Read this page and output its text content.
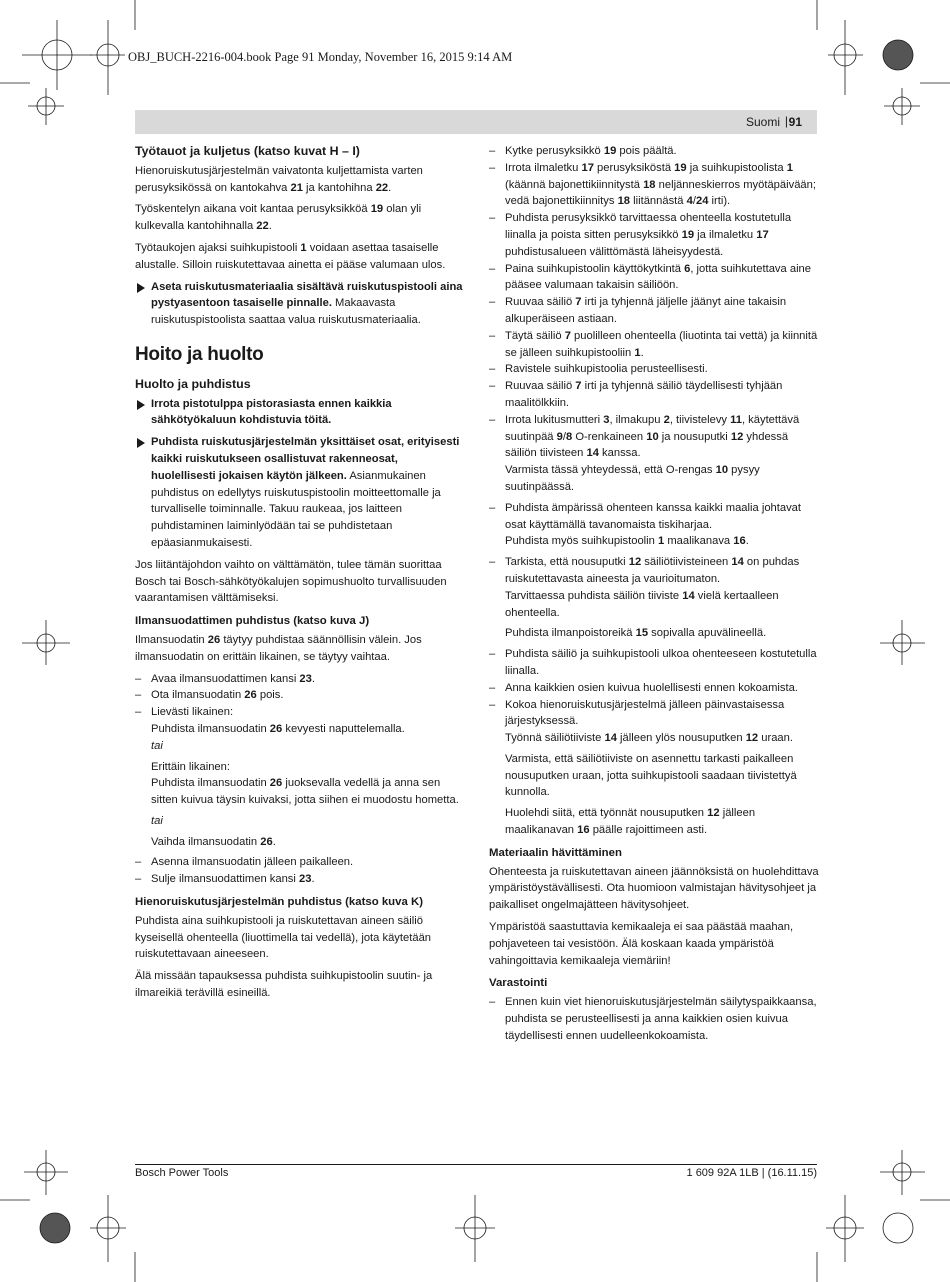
OBJ_BUCH-2216-004.book Page 91 Monday, November 16, 2015 9:14 AM
Suomi | 91
Työtauot ja kuljetus (katso kuvat H – I)

Hienoruiskutusjärjestelmän vaivatonta kuljettamista varten perusyksikössä on kantokahva 21 ja kantohihna 22.

Työskentelyn aikana voit kantaa perusyksikköä 19 olan yli kulkevalla kantohihnalla 22.

Työtaukojen ajaksi suihkupistooli 1 voidaan asettaa tasaiselle alustalle. Silloin ruiskutettavaa ainetta ei pääse valumaan ulos.

Aseta ruiskutusmateriaalia sisältävä ruiskutuspistooli aina pystyasentoon tasaiselle pinnalle. Makaavasta ruiskutuspistoolista saattaa valua ruiskutusmateriaalia.
Hoito ja huolto
Huolto ja puhdistus
Irrota pistotulppa pistorasiasta ennen kaikkia sähkötyökaluun kohdistuvia töitä.
Puhdista ruiskutusjärjestelmän yksittäiset osat, erityisesti kaikki ruiskutukseen osallistuvat rakenneosat, huolellisesti jokaisen käytön jälkeen. Asianmukainen puhdistus on edellytys ruiskutuspistoolin moitteettomalle ja turvalliselle toiminnalle. Takuu raukeaa, jos laitteen puhdistaminen laiminlyödään tai se puhdistetaan epäasianmukaisesti.

Jos liitäntäjohdon vaihto on välttämätön, tulee tämän suorittaa Bosch tai Bosch-sähkötyökalujen sopimushuolto turvallisuuden vaarantamisen välttämiseksi.

Ilmansuodattimen puhdistus (katso kuva J)

Ilmansuodatin 26 täytyy puhdistaa säännöllisin välein. Jos ilmansuodatin on erittäin likainen, se täytyy vaihtaa.

– Avaa ilmansuodattimen kansi 23.
– Ota ilmansuodatin 26 pois.
– Lievästi likainen:

Puhdista ilmansuodatin 26 kevyesti naputtelemalla.

tai

Erittäin likainen:

Puhdista ilmansuodatin 26 juoksevalla vedellä ja anna sen sitten kuivua täysin kuivaksi, jotta siihen ei muodostu hometta.

tai

Vaihda ilmansuodatin 26.

– Asenna ilmansuodatin jälleen paikalleen.
– Sulje ilmansuodattimen kansi 23.
Hienoruiskutusjärjestelmän puhdistus (katso kuva K)

Puhdista aina suihkupistooli ja ruiskutettavan aineen säiliö kyseisellä ohenteella (liuottimella tai vedellä), jota käytetään ruiskutettavaan aineeseen.

Älä missään tapauksessa puhdista suihkupistoolin suutin- ja ilmareikiä terävillä esineillä.

– Kytke perusyksikkö 19 pois päältä.
– Irrota ilmaletku 17 perusyksiköstä 19 ja suihkupistoolista 1 (käännä bajonettikiinnitystä 18 neljänneskierros myötäpäivään; vedä bajonettikiinnitys 18 liitännästä 4/24 irti).
– Puhdista perusyksikkö tarvittaessa ohenteella kostutetulla liinalla ja poista sitten perusyksikkö 19 ja ilmaletku 17 puhdistusalueen välittömästä läheisyydestä.
– Paina suihkupistoolin käyttökytkintä 6, jotta suihkutettava aine pääsee valumaan takaisin säiliöön.
– Ruuvaa säiliö 7 irti ja tyhjennä jäljelle jäänyt aine takaisin alkuperäiseen astiaan.
– Täytä säiliö 7 puolilleen ohenteella (liuotinta tai vettä) ja kiinnitä se jälleen suihkupistooliin 1.
– Ravistele suihkupistoolia perusteellisesti.
– Ruuvaa säiliö 7 irti ja tyhjennä säiliö täydellisesti tyhjään maalitölkkiin.
– Irrota lukitusmutteri 3, ilmakupu 2, tiivistelevy 11, käytettävä suutinpää 9/8 O-renkaineen 10 ja nousuputki 12 yhdessä säiliön tiivisteen 14 kanssa.

Varmista tässä yhteydessä, että O-rengas 10 pysyy suutinpäässä.

– Puhdista ämpärissä ohenteen kanssa kaikki maalia johtavat osat käyttämällä tavanomaista tiskiharjaa.

Puhdista myös suihkupistoolin 1 maalikanava 16.

– Tarkista, että nousuputki 12 säiliötiivisteineen 14 on puhdas ruiskutettavasta aineesta ja vaurioitumaton.

Tarvittaessa puhdista säiliön tiiviste 14 vielä kertaalleen ohenteella.

Puhdista ilmanpoistoreikä 15 sopivalla apuvälineellä.

– Puhdista säiliö ja suihkupistooli ulkoa ohenteeseen kostutetulla liinalla.
– Anna kaikkien osien kuivua huolellisesti ennen kokoamista.
– Kokoa hienoruiskutusjärjestelmä jälleen päinvastaisessa järjestyksessä.

Työnnä säiliötiiviste 14 jälleen ylös nousuputken 12 uraan.

Varmista, että säiliötiiviste on asennettu tarkasti paikalleen nousuputken uraan, jotta suihkupistooli saadaan tiivistettyä kunnolla.

Huolehdi siitä, että työnnät nousuputken 12 jälleen maalikanavan 16 päälle rajoittimeen asti.

Materiaalin hävittäminen

Ohenteesta ja ruiskutettavan aineen jäännöksistä on huolehdittava ympäristöystävällisesti. Ota huomioon valmistajan hävitysohjeet ja paikalliset ongelmajätteen hävitysohjeet.

Ympäristöä saastuttavia kemikaaleja ei saa päästää maahan, pohjaveteen tai vesistöön. Älä koskaan kaada ympäristöä vahingoittavia kemikaaleja viemäriin!

Varastointi
– Ennen kuin viet hienoruiskutusjärjestelmän säilytyspaikkaansa, puhdista se perusteellisesti ja anna kaikkien osien kuivua täydellisesti ennen uudelleenkokoamista.
Bosch Power Tools	1 609 92A 1LB | (16.11.15)
